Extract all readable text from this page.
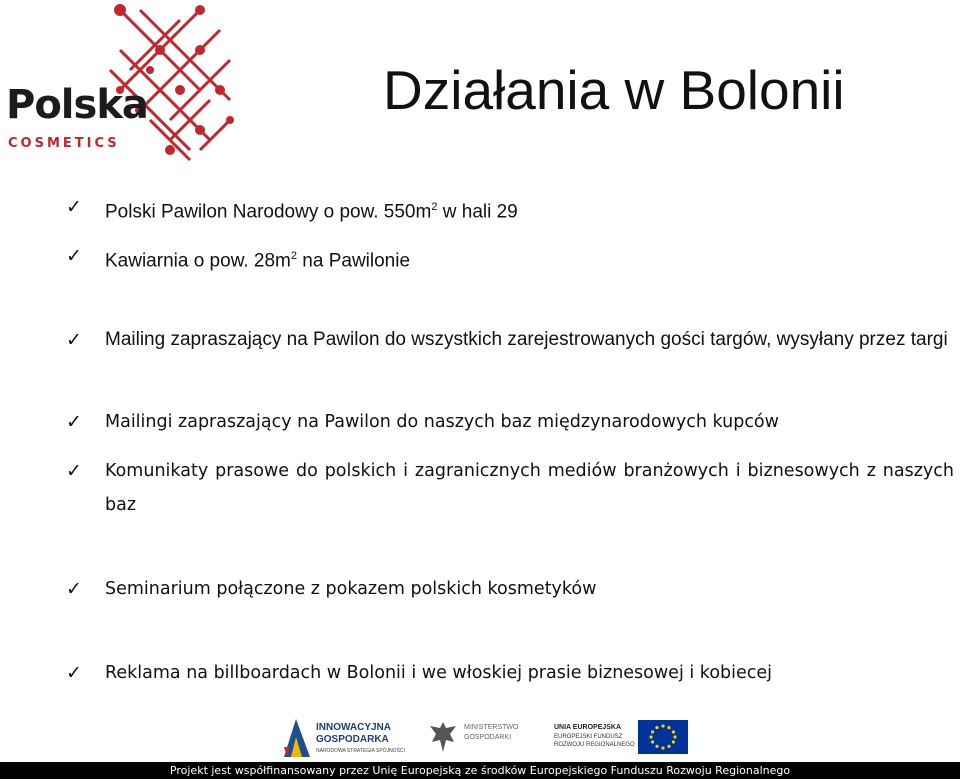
Polska
COSMETICS
Działania w Bolonii
✓ Polski Pawilon Narodowy o pow. $550m^2$ w hali 29
✓ Kawiarnia o pow. $28m^2$ na Pawilonie
✓ Mailing zapraszający na Pawilon do wszystkich zarejestrowanych gości targów, wysyłany przez targi
✓ Mailingi zapraszający na Pawilon do naszych baz międzynarodowych kupców
✓ Komunikaty prasowe do polskich i zagranicznych mediów branżowych i biznesowych z naszych baz
✓ Seminarium połączone z pokazem polskich kosmetyków
✓ Reklama na billboardach w Bolonii i we włoskiej prasie biznesowej i kobiecej
INNOWACYJNA
GOSPODARKA
NARODOWA STRATEGIA SPÓJNOŚCI
MINISTERSTWO
GOSPODARKI
UNIA EUROPEJSKA
EUROPEJSKI FUNDUSZ
ROZWOJU REGIONALNEGO
Projekt jest współfinansowany przez Unię Europejską ze środków Europejskiego Funduszu Rozwoju Regionalnego
